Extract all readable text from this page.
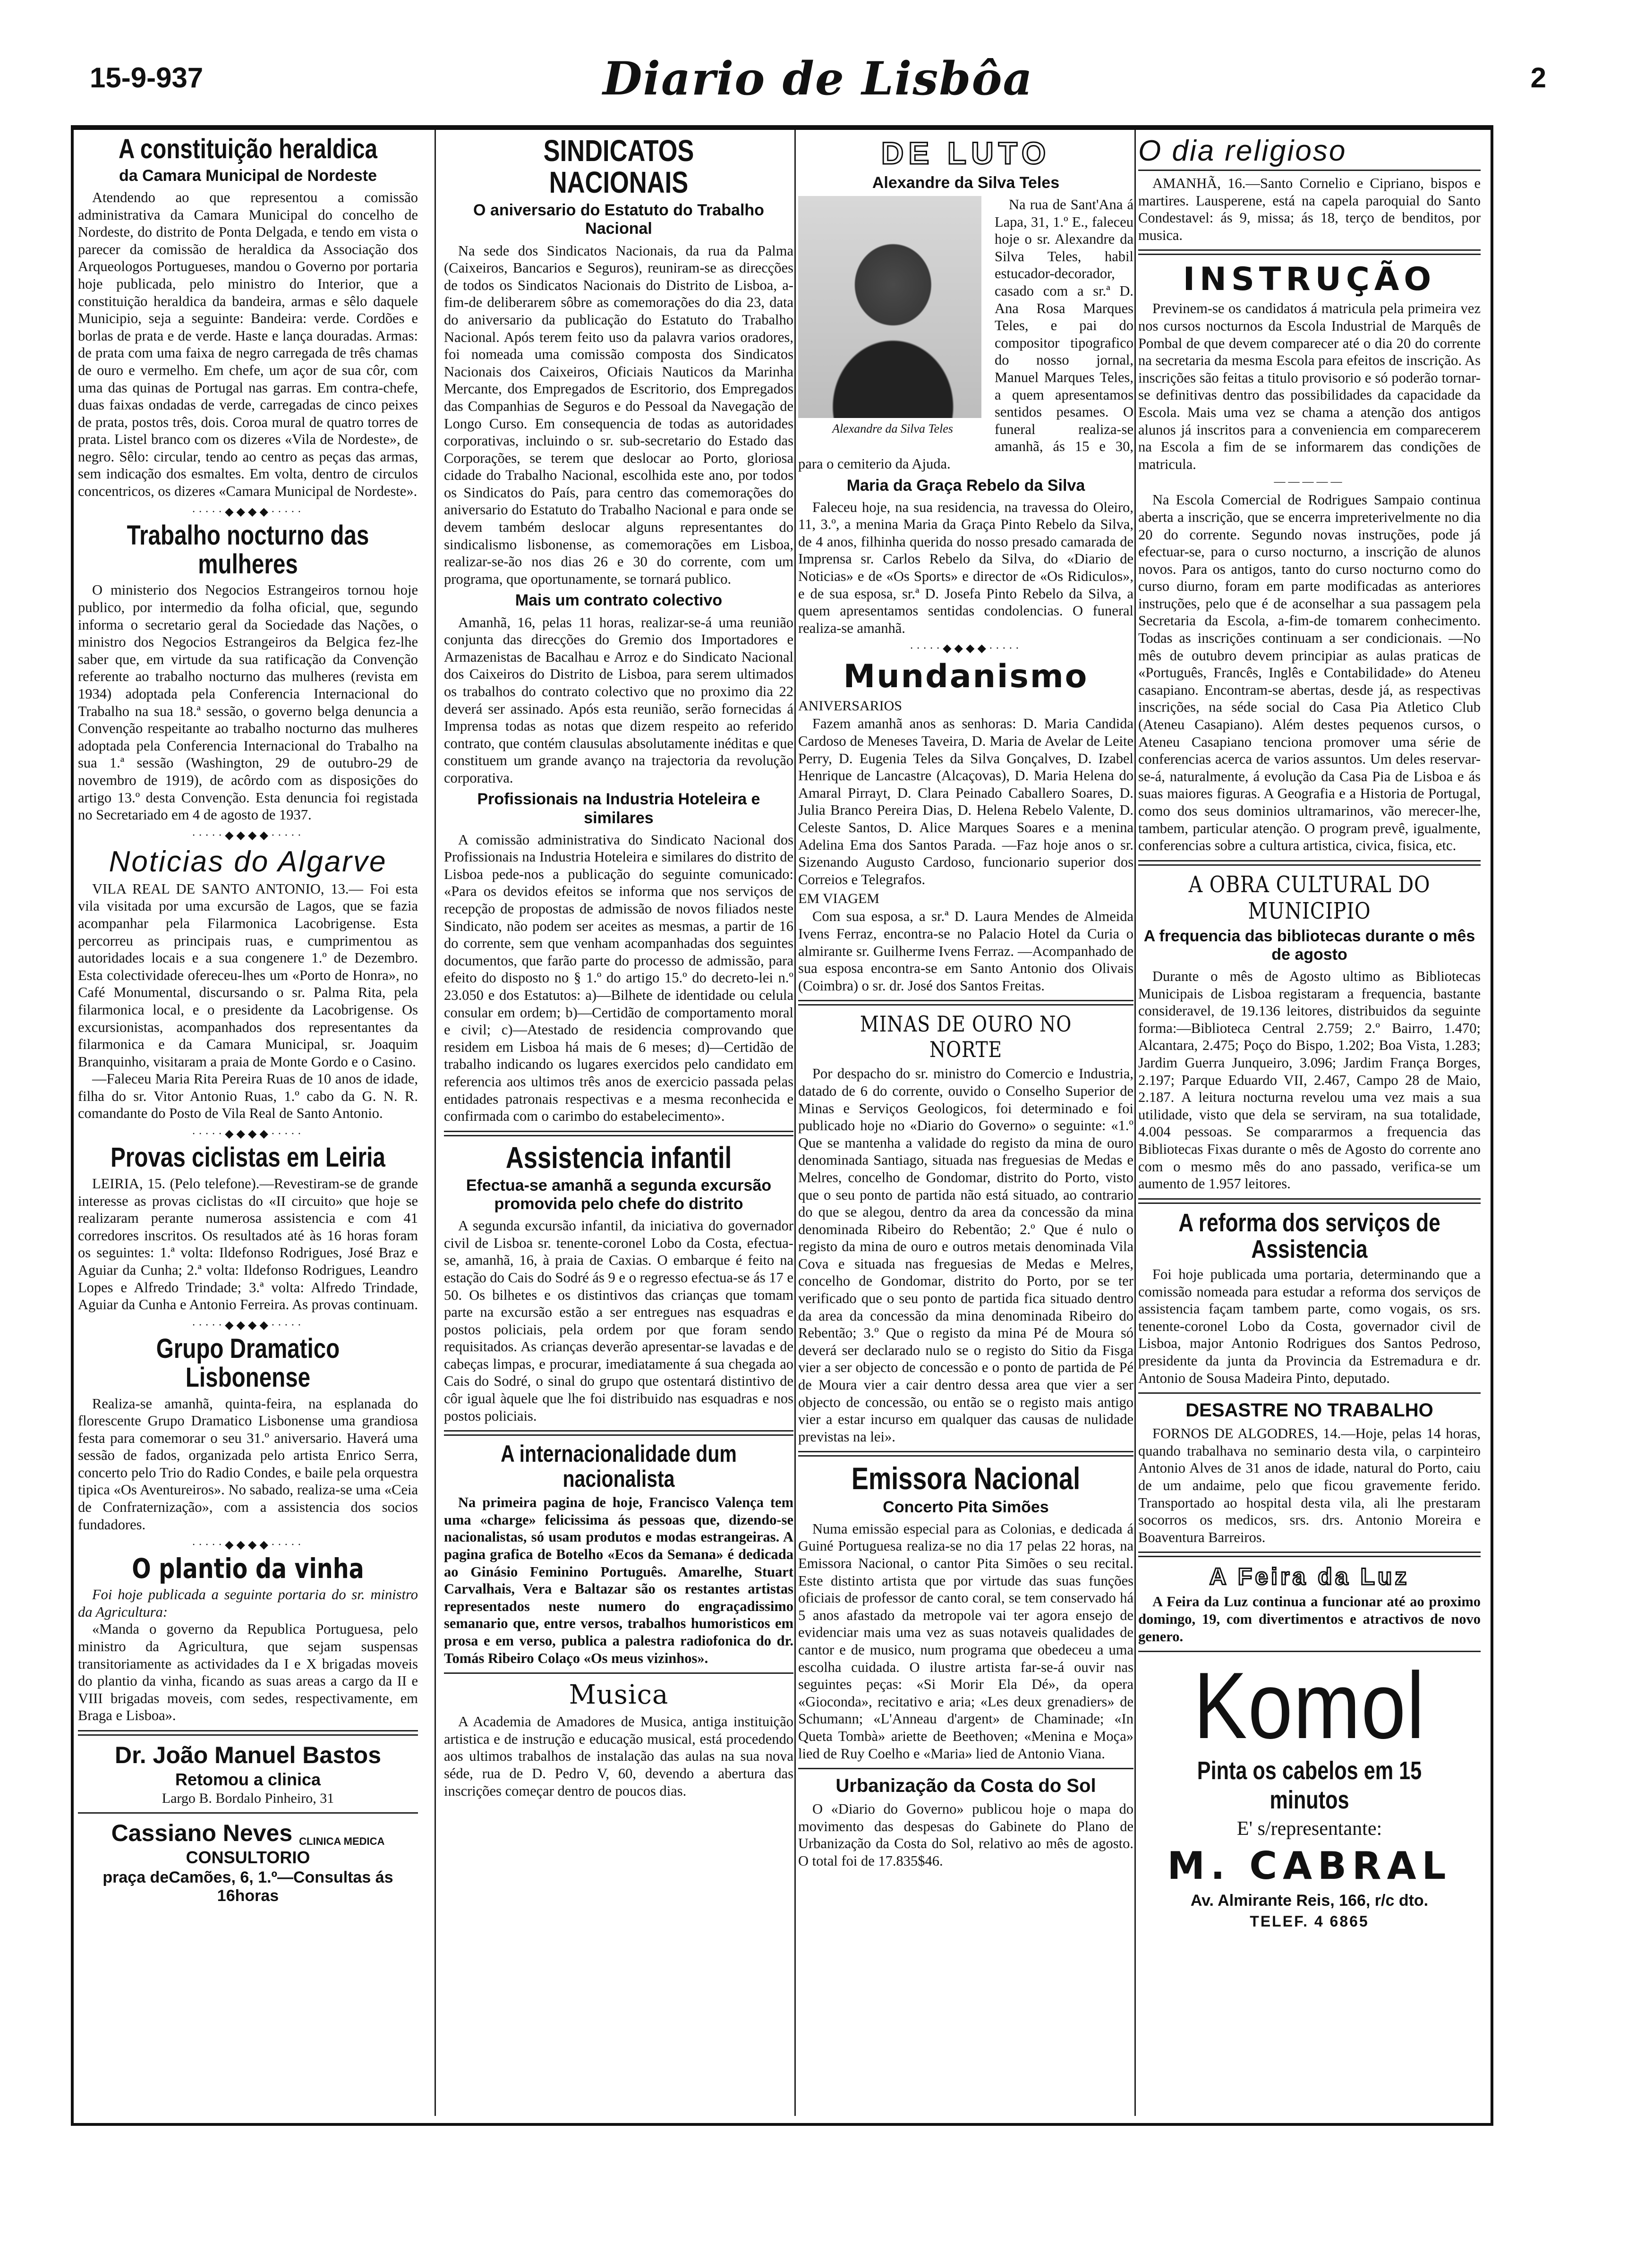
15-9-937	Diario de Lisbôa	2
A constituição heraldica
da Camara Municipal de Nordeste

Atendendo ao que representou a comissão administrativa da Camara Municipal do concelho de Nordeste, do distrito de Ponta Delgada, e tendo em vista o parecer da comissão de heraldica da Associação dos Arqueologos Portugueses, mandou o Governo por portaria hoje publicada, pelo ministro do Interior, que a constituição heraldica da bandeira, armas e sêlo daquele Municipio, seja a seguinte: Bandeira: verde. Cordões e borlas de prata e de verde. Haste e lança douradas. Armas: de prata com uma faixa de negro carregada de três chamas de ouro e vermelho. Em chefe, um açor de sua côr, com uma das quinas de Portugal nas garras. Em contra-chefe, duas faixas ondadas de verde, carregadas de cinco peixes de prata, postos três, dois. Coroa mural de quatro torres de prata. Listel branco com os dizeres «Vila de Nordeste», de negro. Sêlo: circular, tendo ao centro as peças das armas, sem indicação dos esmaltes. Em volta, dentro de circulos concentricos, os dizeres «Camara Municipal de Nordeste».

·····◆◆◆◆·····
Trabalho nocturno das mulheres

O ministerio dos Negocios Estrangeiros tornou hoje publico, por intermedio da folha oficial, que, segundo informa o secretario geral da Sociedade das Nações, o ministro dos Negocios Estrangeiros da Belgica fez-lhe saber que, em virtude da sua ratificação da Convenção referente ao trabalho nocturno das mulheres (revista em 1934) adoptada pela Conferencia Internacional do Trabalho na sua 18.ª sessão, o governo belga denuncia a Convenção respeitante ao trabalho nocturno das mulheres adoptada pela Conferencia Internacional do Trabalho na sua 1.ª sessão (Washington, 29 de outubro-29 de novembro de 1919), de acôrdo com as disposições do artigo 13.º desta Convenção. Esta denuncia foi registada no Secretariado em 4 de agosto de 1937.

·····◆◆◆◆·····
Noticias do Algarve

VILA REAL DE SANTO ANTONIO, 13.— Foi esta vila visitada por uma excursão de Lagos, que se fazia acompanhar pela Filarmonica Lacobrigense. Esta percorreu as principais ruas, e cumprimentou as autoridades locais e a sua congenere 1.º de Dezembro. Esta colectividade ofereceu-lhes um «Porto de Honra», no Café Monumental, discursando o sr. Palma Rita, pela filarmonica local, e o presidente da Lacobrigense. Os excursionistas, acompanhados dos representantes da filarmonica e da Camara Municipal, sr. Joaquim Branquinho, visitaram a praia de Monte Gordo e o Casino.

—Faleceu Maria Rita Pereira Ruas de 10 anos de idade, filha do sr. Vitor Antonio Ruas, 1.º cabo da G. N. R. comandante do Posto de Vila Real de Santo Antonio.

·····◆◆◆◆·····
Provas ciclistas em Leiria

LEIRIA, 15. (Pelo telefone).—Revestiram-se de grande interesse as provas ciclistas do «II circuito» que hoje se realizaram perante numerosa assistencia e com 41 corredores inscritos. Os resultados até às 16 horas foram os seguintes: 1.ª volta: Ildefonso Rodrigues, José Braz e Aguiar da Cunha; 2.ª volta: Ildefonso Rodrigues, Leandro Lopes e Alfredo Trindade; 3.ª volta: Alfredo Trindade, Aguiar da Cunha e Antonio Ferreira. As provas continuam.

·····◆◆◆◆·····
Grupo Dramatico Lisbonense

Realiza-se amanhã, quinta-feira, na esplanada do florescente Grupo Dramatico Lisbonense uma grandiosa festa para comemorar o seu 31.º aniversario. Haverá uma sessão de fados, organizada pelo artista Enrico Serra, concerto pelo Trio do Radio Condes, e baile pela orquestra tipica «Os Aventureiros». No sabado, realiza-se uma «Ceia de Confraternização», com a assistencia dos socios fundadores.

·····◆◆◆◆·····
O plantio da vinha

Foi hoje publicada a seguinte portaria do sr. ministro da Agricultura:

«Manda o governo da Republica Portuguesa, pelo ministro da Agricultura, que sejam suspensas transitoriamente as actividades da I e X brigadas moveis do plantio da vinha, ficando as suas areas a cargo da II e VIII brigadas moveis, com sedes, respectivamente, em Braga e Lisboa».

Dr. João Manuel Bastos
Retomou a clinica
Largo B. Bordalo Pinheiro, 31
Cassiano Neves CLINICA MEDICA
CONSULTORIO
praça deCamões, 6, 1.º—Consultas ás 16horas
SINDICATOS NACIONAIS
O aniversario do Estatuto do Trabalho Nacional

Na sede dos Sindicatos Nacionais, da rua da Palma (Caixeiros, Bancarios e Seguros), reuniram-se as direcções de todos os Sindicatos Nacionais do Distrito de Lisboa, a-fim-de deliberarem sôbre as comemorações do dia 23, data do aniversario da publicação do Estatuto do Trabalho Nacional. Após terem feito uso da palavra varios oradores, foi nomeada uma comissão composta dos Sindicatos Nacionais dos Caixeiros, Oficiais Nauticos da Marinha Mercante, dos Empregados de Escritorio, dos Empregados das Companhias de Seguros e do Pessoal da Navegação de Longo Curso. Em consequencia de todas as autoridades corporativas, incluindo o sr. sub-secretario do Estado das Corporações, se terem que deslocar ao Porto, gloriosa cidade do Trabalho Nacional, escolhida este ano, por todos os Sindicatos do País, para centro das comemorações do aniversario do Estatuto do Trabalho Nacional e para onde se devem também deslocar alguns representantes do sindicalismo lisbonense, as comemorações em Lisboa, realizar-se-ão nos dias 26 e 30 do corrente, com um programa, que oportunamente, se tornará publico.

Mais um contrato colectivo

Amanhã, 16, pelas 11 horas, realizar-se-á uma reunião conjunta das direcções do Gremio dos Importadores e Armazenistas de Bacalhau e Arroz e do Sindicato Nacional dos Caixeiros do Distrito de Lisboa, para serem ultimados os trabalhos do contrato colectivo que no proximo dia 22 deverá ser assinado. Após esta reunião, serão fornecidas á Imprensa todas as notas que dizem respeito ao referido contrato, que contém clausulas absolutamente inéditas e que constituem um grande avanço na trajectoria da revolução corporativa.

Profissionais na Industria Hoteleira e similares

A comissão administrativa do Sindicato Nacional dos Profissionais na Industria Hoteleira e similares do distrito de Lisboa pede-nos a publicação do seguinte comunicado: «Para os devidos efeitos se informa que nos serviços de recepção de propostas de admissão de novos filiados neste Sindicato, não podem ser aceites as mesmas, a partir de 16 do corrente, sem que venham acompanhadas dos seguintes documentos, que farão parte do processo de admissão, para efeito do disposto no § 1.º do artigo 15.º do decreto-lei n.º 23.050 e dos Estatutos: a)—Bilhete de identidade ou celula consular em ordem; b)—Certidão de comportamento moral e civil; c)—Atestado de residencia comprovando que residem em Lisboa há mais de 6 meses; d)—Certidão de trabalho indicando os lugares exercidos pelo candidato em referencia aos ultimos três anos de exercicio passada pelas entidades patronais respectivas e a mesma reconhecida e confirmada com o carimbo do estabelecimento».

Assistencia infantil
Efectua-se amanhã a segunda excursão promovida pelo chefe do distrito

A segunda excursão infantil, da iniciativa do governador civil de Lisboa sr. tenente-coronel Lobo da Costa, efectua-se, amanhã, 16, à praia de Caxias. O embarque é feito na estação do Cais do Sodré ás 9 e o regresso efectua-se ás 17 e 50. Os bilhetes e os distintivos das crianças que tomam parte na excursão estão a ser entregues nas esquadras e postos policiais, pela ordem por que foram sendo requisitados. As crianças deverão apresentar-se lavadas e de cabeças limpas, e procurar, imediatamente á sua chegada ao Cais do Sodré, o sinal do grupo que ostentará distintivo de côr igual àquele que lhe foi distribuido nas esquadras e nos postos policiais.

A internacionalidade dum nacionalista

Na primeira pagina de hoje, Francisco Valença tem uma «charge» felicissima ás pessoas que, dizendo-se nacionalistas, só usam produtos e modas estrangeiras. A pagina grafica de Botelho «Ecos da Semana» é dedicada ao Ginásio Feminino Português. Amarelhe, Stuart Carvalhais, Vera e Baltazar são os restantes artistas representados neste numero do engraçadissimo semanario que, entre versos, trabalhos humoristicos em prosa e em verso, publica a palestra radiofonica do dr. Tomás Ribeiro Colaço «Os meus vizinhos».

Musica

A Academia de Amadores de Musica, antiga instituição artistica e de instrução e educação musical, está procedendo aos ultimos trabalhos de instalação das aulas na sua nova séde, rua de D. Pedro V, 60, devendo a abertura das inscrições começar dentro de poucos dias.

DE LUTO
Alexandre da Silva Teles
Alexandre da Silva Teles

Na rua de Sant'Ana á Lapa, 31, 1.º E., faleceu hoje o sr. Alexandre da Silva Teles, habil estucador-decorador, casado com a sr.ª D. Ana Rosa Marques Teles, e pai do compositor tipografico do nosso jornal, Manuel Marques Teles, a quem apresentamos sentidos pesames. O funeral realiza-se amanhã, ás 15 e 30, para o cemiterio da Ajuda.

Maria da Graça Rebelo da Silva

Faleceu hoje, na sua residencia, na travessa do Oleiro, 11, 3.º, a menina Maria da Graça Pinto Rebelo da Silva, de 4 anos, filhinha querida do nosso presado camarada de Imprensa sr. Carlos Rebelo da Silva, do «Diario de Noticias» e de «Os Sports» e director de «Os Ridiculos», e de sua esposa, sr.ª D. Josefa Pinto Rebelo da Silva, a quem apresentamos sentidas condolencias. O funeral realiza-se amanhã.

·····◆◆◆◆·····
Mundanismo
ANIVERSARIOS

Fazem amanhã anos as senhoras: D. Maria Candida Cardoso de Meneses Taveira, D. Maria de Avelar de Leite Perry, D. Eugenia Teles da Silva Gonçalves, D. Izabel Henrique de Lancastre (Alcaçovas), D. Maria Helena do Amaral Pirrayt, D. Clara Peinado Caballero Soares, D. Julia Branco Pereira Dias, D. Helena Rebelo Valente, D. Celeste Santos, D. Alice Marques Soares e a menina Adelina Ema dos Santos Parada. —Faz hoje anos o sr. Sizenando Augusto Cardoso, funcionario superior dos Correios e Telegrafos.

EM VIAGEM

Com sua esposa, a sr.ª D. Laura Mendes de Almeida Ivens Ferraz, encontra-se no Palacio Hotel da Curia o almirante sr. Guilherme Ivens Ferraz. —Acompanhado de sua esposa encontra-se em Santo Antonio dos Olivais (Coimbra) o sr. dr. José dos Santos Freitas.

MINAS DE OURO NO NORTE

Por despacho do sr. ministro do Comercio e Industria, datado de 6 do corrente, ouvido o Conselho Superior de Minas e Serviços Geologicos, foi determinado e foi publicado hoje no «Diario do Governo» o seguinte: «1.º Que se mantenha a validade do registo da mina de ouro denominada Santiago, situada nas freguesias de Medas e Melres, concelho de Gondomar, distrito do Porto, visto que o seu ponto de partida não está situado, ao contrario do que se alegou, dentro da area da concessão da mina denominada Ribeiro do Rebentão; 2.º Que é nulo o registo da mina de ouro e outros metais denominada Vila Cova e situada nas freguesias de Medas e Melres, concelho de Gondomar, distrito do Porto, por se ter verificado que o seu ponto de partida fica situado dentro da area da concessão da mina denominada Ribeiro do Rebentão; 3.º Que o registo da mina Pé de Moura só deverá ser declarado nulo se o registo do Sitio da Fisga vier a ser objecto de concessão e o ponto de partida de Pé de Moura vier a cair dentro dessa area que vier a ser objecto de concessão, ou então se o registo mais antigo vier a estar incurso em qualquer das causas de nulidade previstas na lei».

Emissora Nacional
Concerto Pita Simões

Numa emissão especial para as Colonias, e dedicada á Guiné Portuguesa realiza-se no dia 17 pelas 22 horas, na Emissora Nacional, o cantor Pita Simões o seu recital. Este distinto artista que por virtude das suas funções oficiais de professor de canto coral, se tem conservado há 5 anos afastado da metropole vai ter agora ensejo de evidenciar mais uma vez as suas notaveis qualidades de cantor e de musico, num programa que obedeceu a uma escolha cuidada. O ilustre artista far-se-á ouvir nas seguintes peças: «Si Morir Ela Dé», da opera «Gioconda», recitativo e aria; «Les deux grenadiers» de Schumann; «L'Anneau d'argent» de Chaminade; «In Queta Tombà» ariette de Beethoven; «Menina e Moça» lied de Ruy Coelho e «Maria» lied de Antonio Viana.

Urbanização da Costa do Sol

O «Diario do Governo» publicou hoje o mapa do movimento das despesas do Gabinete do Plano de Urbanização da Costa do Sol, relativo ao mês de agosto. O total foi de 17.835$46.

O dia religioso

AMANHÃ, 16.—Santo Cornelio e Cipriano, bispos e martires. Lausperene, está na capela paroquial do Santo Condestavel: ás 9, missa; ás 18, terço de benditos, por musica.

INSTRUÇÃO

Previnem-se os candidatos á matricula pela primeira vez nos cursos nocturnos da Escola Industrial de Marquês de Pombal de que devem comparecer até o dia 20 do corrente na secretaria da mesma Escola para efeitos de inscrição. As inscrições são feitas a titulo provisorio e só poderão tornar-se definitivas dentro das possibilidades da capacidade da Escola. Mais uma vez se chama a atenção dos antigos alunos já inscritos para a conveniencia em comparecerem na Escola a fim de se informarem das condições de matricula.

—————

Na Escola Comercial de Rodrigues Sampaio continua aberta a inscrição, que se encerra impreterivelmente no dia 20 do corrente. Segundo novas instruções, pode já efectuar-se, para o curso nocturno, a inscrição de alunos novos. Para os antigos, tanto do curso nocturno como do curso diurno, foram em parte modificadas as anteriores instruções, pelo que é de aconselhar a sua passagem pela Secretaria da Escola, a-fim-de tomarem conhecimento. Todas as inscrições continuam a ser condicionais. —No mês de outubro devem principiar as aulas praticas de «Português, Francês, Inglês e Contabilidade» do Ateneu casapiano. Encontram-se abertas, desde já, as respectivas inscrições, na séde social do Casa Pia Atletico Club (Ateneu Casapiano). Além destes pequenos cursos, o Ateneu Casapiano tenciona promover uma série de conferencias acerca de varios assuntos. Um deles reservar-se-á, naturalmente, á evolução da Casa Pia de Lisboa e ás suas maiores figuras. A Geografia e a Historia de Portugal, como dos seus dominios ultramarinos, vão merecer-lhe, tambem, particular atenção. O program prevê, igualmente, conferencias sobre a cultura artistica, civica, fisica, etc.

A OBRA CULTURAL DO MUNICIPIO
A frequencia das bibliotecas durante o mês de agosto

Durante o mês de Agosto ultimo as Bibliotecas Municipais de Lisboa registaram a frequencia, bastante consideravel, de 19.136 leitores, distribuidos da seguinte forma:—Biblioteca Central 2.759; 2.º Bairro, 1.470; Alcantara, 2.475; Poço do Bispo, 1.202; Boa Vista, 1.283; Jardim Guerra Junqueiro, 3.096; Jardim França Borges, 2.197; Parque Eduardo VII, 2.467, Campo 28 de Maio, 2.187. A leitura nocturna revelou uma vez mais a sua utilidade, visto que dela se serviram, na sua totalidade, 4.004 pessoas. Se compararmos a frequencia das Bibliotecas Fixas durante o mês de Agosto do corrente ano com o mesmo mês do ano passado, verifica-se um aumento de 1.957 leitores.

A reforma dos serviços de Assistencia

Foi hoje publicada uma portaria, determinando que a comissão nomeada para estudar a reforma dos serviços de assistencia façam tambem parte, como vogais, os srs. tenente-coronel Lobo da Costa, governador civil de Lisboa, major Antonio Rodrigues dos Santos Pedroso, presidente da junta da Provincia da Estremadura e dr. Antonio de Sousa Madeira Pinto, deputado.

DESASTRE NO TRABALHO

FORNOS DE ALGODRES, 14.—Hoje, pelas 14 horas, quando trabalhava no seminario desta vila, o carpinteiro Antonio Alves de 31 anos de idade, natural do Porto, caiu de um andaime, pelo que ficou gravemente ferido. Transportado ao hospital desta vila, ali lhe prestaram socorros os medicos, srs. drs. Antonio Moreira e Boaventura Barreiros.

A Feira da Luz

A Feira da Luz continua a funcionar até ao proximo domingo, 19, com divertimentos e atractivos de novo genero.

Komol
Pinta os cabelos em 15 minutos
E' s/representante:
M. CABRAL
Av. Almirante Reis, 166, r/c dto.
TELEF. 4 6865
